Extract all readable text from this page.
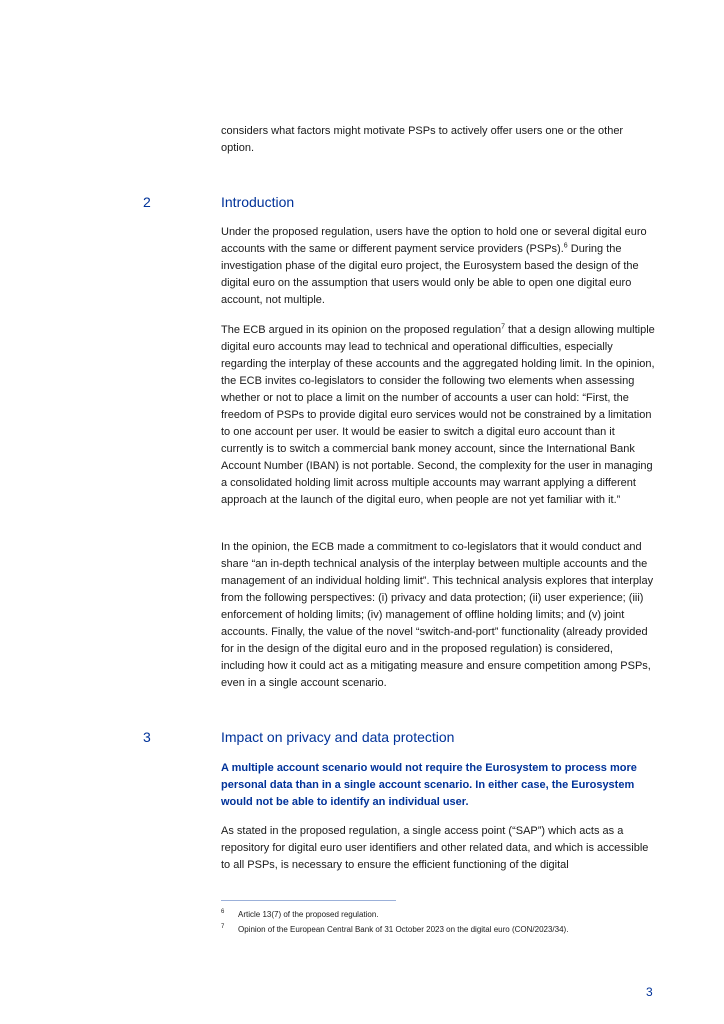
considers what factors might motivate PSPs to actively offer users one or the other option.

2	Introduction

Under the proposed regulation, users have the option to hold one or several digital euro accounts with the same or different payment service providers (PSPs).$^6$ During the investigation phase of the digital euro project, the Eurosystem based the design of the digital euro on the assumption that users would only be able to open one digital euro account, not multiple.

The ECB argued in its opinion on the proposed regulation$^7$ that a design allowing multiple digital euro accounts may lead to technical and operational difficulties, especially regarding the interplay of these accounts and the aggregated holding limit. In the opinion, the ECB invites co-legislators to consider the following two elements when assessing whether or not to place a limit on the number of accounts a user can hold: “First, the freedom of PSPs to provide digital euro services would not be constrained by a limitation to one account per user. It would be easier to switch a digital euro account than it currently is to switch a commercial bank money account, since the International Bank Account Number (IBAN) is not portable. Second, the complexity for the user in managing a consolidated holding limit across multiple accounts may warrant applying a different approach at the launch of the digital euro, when people are not yet familiar with it.”

In the opinion, the ECB made a commitment to co-legislators that it would conduct and share “an in-depth technical analysis of the interplay between multiple accounts and the management of an individual holding limit”. This technical analysis explores that interplay from the following perspectives: (i) privacy and data protection; (ii) user experience; (iii) enforcement of holding limits; (iv) management of offline holding limits; and (v) joint accounts. Finally, the value of the novel “switch-and-port” functionality (already provided for in the design of the digital euro and in the proposed regulation) is considered, including how it could act as a mitigating measure and ensure competition among PSPs, even in a single account scenario.

3	Impact on privacy and data protection

A multiple account scenario would not require the Eurosystem to process more personal data than in a single account scenario. In either case, the Eurosystem would not be able to identify an individual user.

As stated in the proposed regulation, a single access point (“SAP”) which acts as a repository for digital euro user identifiers and other related data, and which is accessible to all PSPs, is necessary to ensure the efficient functioning of the digital

6 Article 13(7) of the proposed regulation.
7 Opinion of the European Central Bank of 31 October 2023 on the digital euro (CON/2023/34).
3
